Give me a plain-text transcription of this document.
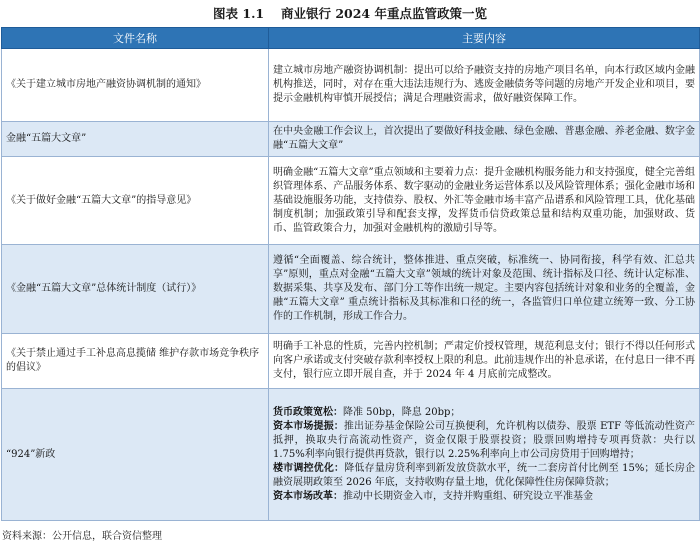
图表 1.1　 商业银行 2024 年重点监管政策一览
文件名称	主要内容
《关于建立城市房地产融资协调机制的通知》	建立城市房地产融资协调机制：提出可以给予融资支持的房地产项目名单，向本行政区域内金融机构推送，同时，对存在重大违法违规行为、逃废金融债务等问题的房地产开发企业和项目，要提示金融机构审慎开展授信；满足合理融资需求，做好融资保障工作。
金融“五篇大文章”	在中央金融工作会议上，首次提出了要做好科技金融、绿色金融、普惠金融、养老金融、数字金融“五篇大文章”
《关于做好金融“五篇大文章”的指导意见》	明确金融“五篇大文章”重点领域和主要着力点：提升金融机构服务能力和支持强度，健全完善组织管理体系、产品服务体系、数字驱动的金融业务运营体系以及风险管理体系；强化金融市场和基础设施服务功能，支持债券、股权、外汇等金融市场丰富产品谱系和风险管理工具，优化基础制度机制；加强政策引导和配套支撑，发挥货币信贷政策总量和结构双重功能，加强财政、货币、监管政策合力，加强对金融机构的激励引导等。
《金融“五篇大文章”总体统计制度（试行）》	遵循“全面覆盖、综合统计，整体推进、重点突破，标准统一、协同衔接，科学有效、汇总共享”原则，重点对金融“五篇大文章”领域的统计对象及范围、统计指标及口径、统计认定标准、数据采集、共享及发布、部门分工等作出统一规定。主要内容包括统计对象和业务的全覆盖，金融“五篇大文章” 重点统计指标及其标准和口径的统一，各监管归口单位建立统筹一致、分工协作的工作机制，形成工作合力。
《关于禁止通过手工补息高息揽储 维护存款市场竞争秩序的倡议》	明确手工补息的性质，完善内控机制；严肃定价授权管理，规范利息支付；银行不得以任何形式向客户承诺或支付突破存款利率授权上限的利息。此前违规作出的补息承诺，在付息日一律不再支付，银行应立即开展自查，并于 2024 年 4 月底前完成整改。
“924”新政	货币政策宽松：降准 50bp，降息 20bp；
资本市场提振：推出证券基金保险公司互换便利，允许机构以债券、股票 ETF 等低流动性资产抵押，换取央行高流动性资产，资金仅限于股票投资；股票回购增持专项再贷款：央行以 1.75%利率向银行提供再贷款，银行以 2.25%利率向上市公司房贷用于回购增持；
楼市调控优化：降低存量房贷利率到新发放贷款水平，统一二套房首付比例至 15%；延长房企融资展期政策至 2026 年底，支持收购存量土地，优化保障性住房保障贷款；
资本市场改革：推动中长期资金入市，支持并购重组、研究设立平准基金
资料来源：公开信息，联合资信整理
